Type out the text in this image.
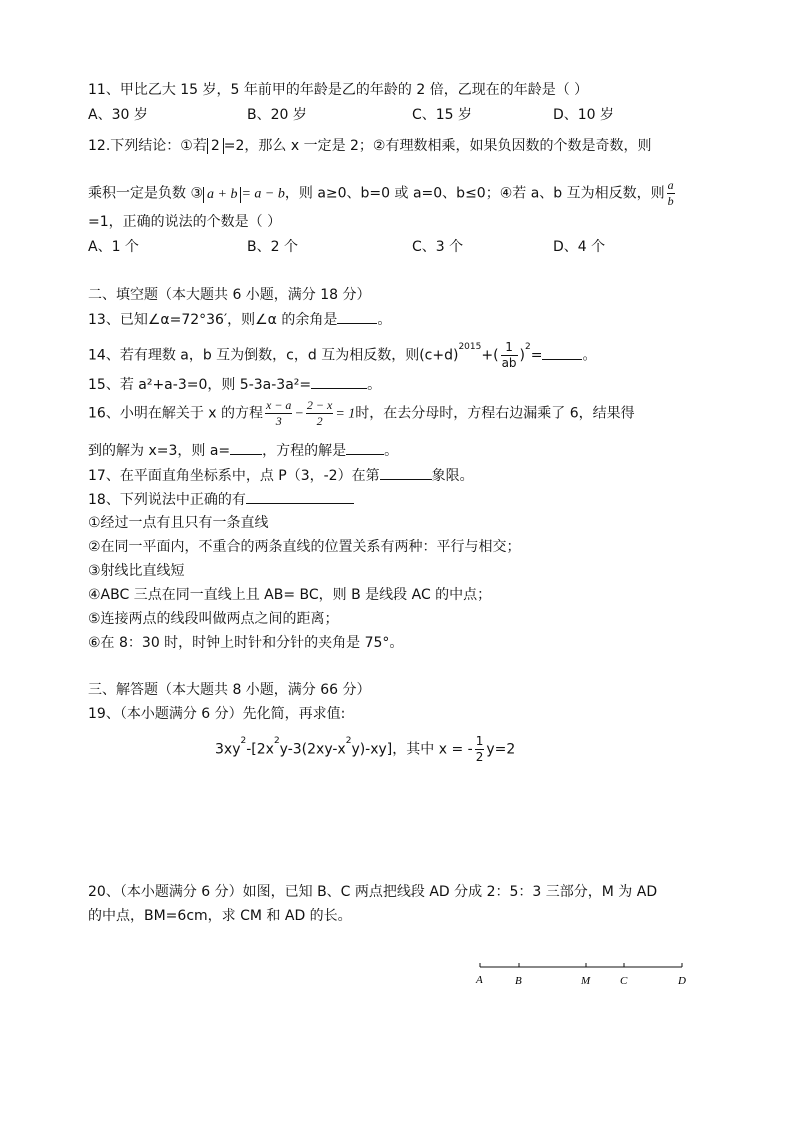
11、甲比乙大 15 岁，5 年前甲的年龄是乙的年龄的 2 倍，乙现在的年龄是（ ）
A、30 岁	B、20 岁	C、15 岁	D、10 岁
12.下列结论：①若 2 =2，那么 x 一定是 2；②有理数相乘，如果负因数的个数是奇数，则
乘积一定是负数 ③ a + b = a − b，则 a≥0、b=0 或 a=0、b≤0；④若 a、b 互为相反数，则 $\frac{a}{b}$
=1，正确的说法的个数是（ ）
A、1 个	B、2 个	C、3 个	D、4 个
二、填空题（本大题共 6 小题，满分 18 分）
13、已知∠α=72°36′，则∠α 的余角是	。
14、若有理数 a，b 互为倒数，c，d 互为相反数，则$(c+d)^{2015}+( \frac{1}{ab} )^2=$	。
15、若 a²+a-3=0，则 5-3a-3a²=	。
16、小明在解关于 x 的方程 $\frac{x - a}{3} - \frac{2 - x}{2} = 1$时，在去分母时，方程右边漏乘了 6，结果得
到的解为 x=3，则 a= ，方程的解是	。
17、在平面直角坐标系中，点 P（3，-2）在第	象限。
18、下列说法中正确的有
①经过一点有且只有一条直线
②在同一平面内，不重合的两条直线的位置关系有两种：平行与相交；
③射线比直线短
④ABC 三点在同一直线上且 AB= BC，则 B 是线段 AC 的中点；
⑤连接两点的线段叫做两点之间的距离；
⑥在 8：30 时，时钟上时针和分针的夹角是 75°。
三、解答题（本大题共 8 小题，满分 66 分）
19、（本小题满分 6 分）先化简，再求值:
$3xy^2-[2x^2y-3(2xy-x^2y)-xy]$，其中 x = - $\frac{1}{2} y=2$
20、（本小题满分 6 分）如图，已知 B、C 两点把线段 AD 分成 2：5：3 三部分，M 为 AD
的中点，BM=6cm，求 CM 和 AD 的长。
A	B	M	C	D
